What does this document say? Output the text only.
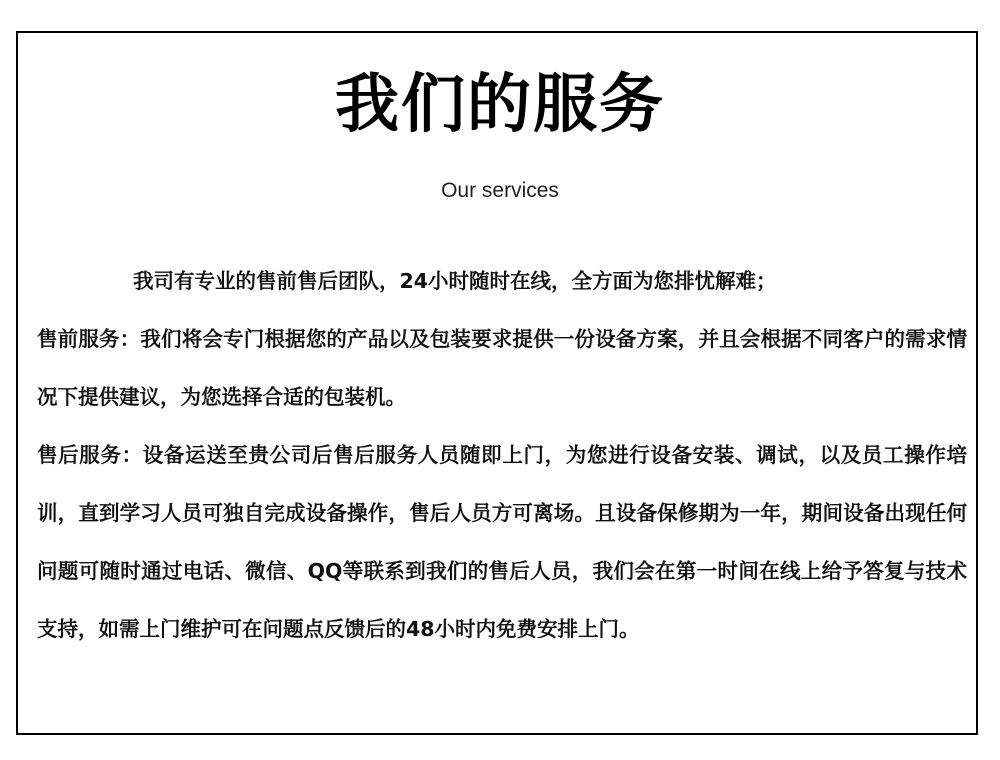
我们的服务
Our services

我司有专业的售前售后团队，24小时随时在线，全方面为您排忧解难；

售前服务：我们将会专门根据您的产品以及包装要求提供一份设备方案，并且会根据不同客户的需求情况下提供建议，为您选择合适的包装机。

售后服务：设备运送至贵公司后售后服务人员随即上门，为您进行设备安装、调试，以及员工操作培训，直到学习人员可独自完成设备操作，售后人员方可离场。且设备保修期为一年，期间设备出现任何问题可随时通过电话、微信、QQ等联系到我们的售后人员，我们会在第一时间在线上给予答复与技术支持，如需上门维护可在问题点反馈后的48小时内免费安排上门。
